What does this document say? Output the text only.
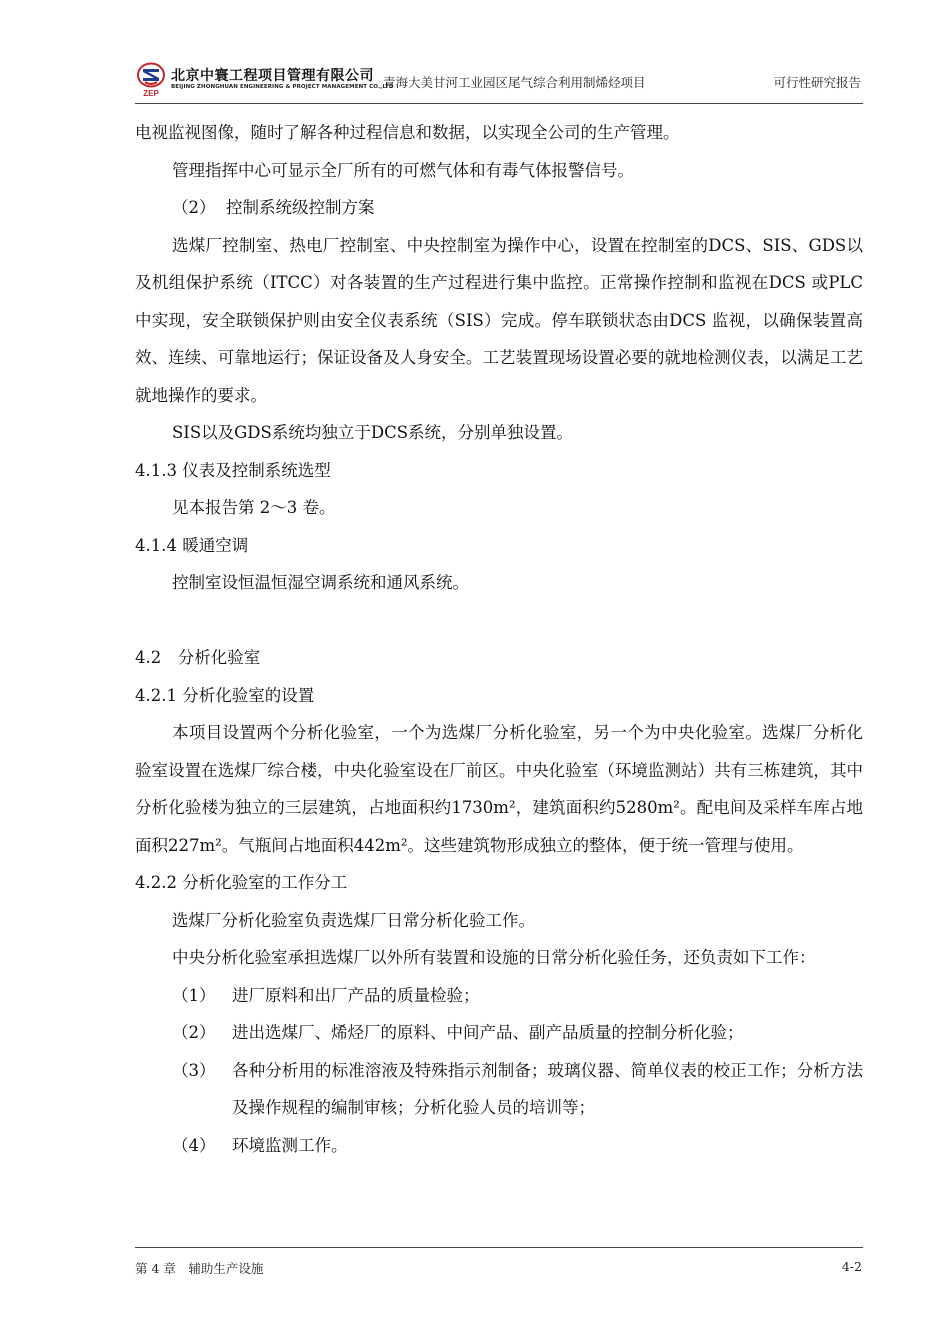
ZEP
北京中寰工程项目管理有限公司
BEIJING ZHONGHUAN ENGINEERING & PROJECT MANAGEMENT CO.,LTD
青海大美甘河工业园区尾气综合利用制烯烃项目	可行性研究报告

电视监视图像，随时了解各种过程信息和数据，以实现全公司的生产管理。

管理指挥中心可显示全厂所有的可燃气体和有毒气体报警信号。

（2） 控制系统级控制方案

选煤厂控制室、热电厂控制室、中央控制室为操作中心，设置在控制室的DCS、SIS、GDS以及机组保护系统（ITCC）对各装置的生产过程进行集中监控。正常操作控制和监视在DCS 或PLC中实现，安全联锁保护则由安全仪表系统（SIS）完成。停车联锁状态由DCS 监视，以确保装置高效、连续、可靠地运行；保证设备及人身安全。工艺装置现场设置必要的就地检测仪表，以满足工艺就地操作的要求。

SIS以及GDS系统均独立于DCS系统，分别单独设置。

4.1.3 仪表及控制系统选型

见本报告第 2～3 卷。

4.1.4 暖通空调

控制室设恒温恒湿空调系统和通风系统。

4.2　分析化验室

4.2.1 分析化验室的设置

本项目设置两个分析化验室，一个为选煤厂分析化验室，另一个为中央化验室。选煤厂分析化验室设置在选煤厂综合楼，中央化验室设在厂前区。中央化验室（环境监测站）共有三栋建筑，其中分析化验楼为独立的三层建筑，占地面积约1730m²，建筑面积约5280m²。配电间及采样车库占地面积227m²。气瓶间占地面积442m²。这些建筑物形成独立的整体，便于统一管理与使用。

4.2.2 分析化验室的工作分工

选煤厂分析化验室负责选煤厂日常分析化验工作。

中央分析化验室承担选煤厂以外所有装置和设施的日常分析化验任务，还负责如下工作：

（1） 进厂原料和出厂产品的质量检验；
（2） 进出选煤厂、烯烃厂的原料、中间产品、副产品质量的控制分析化验；
（3） 各种分析用的标准溶液及特殊指示剂制备；玻璃仪器、简单仪表的校正工作；分析方法及操作规程的编制审核；分析化验人员的培训等；
（4） 环境监测工作。
第 4 章　辅助生产设施	4-2
